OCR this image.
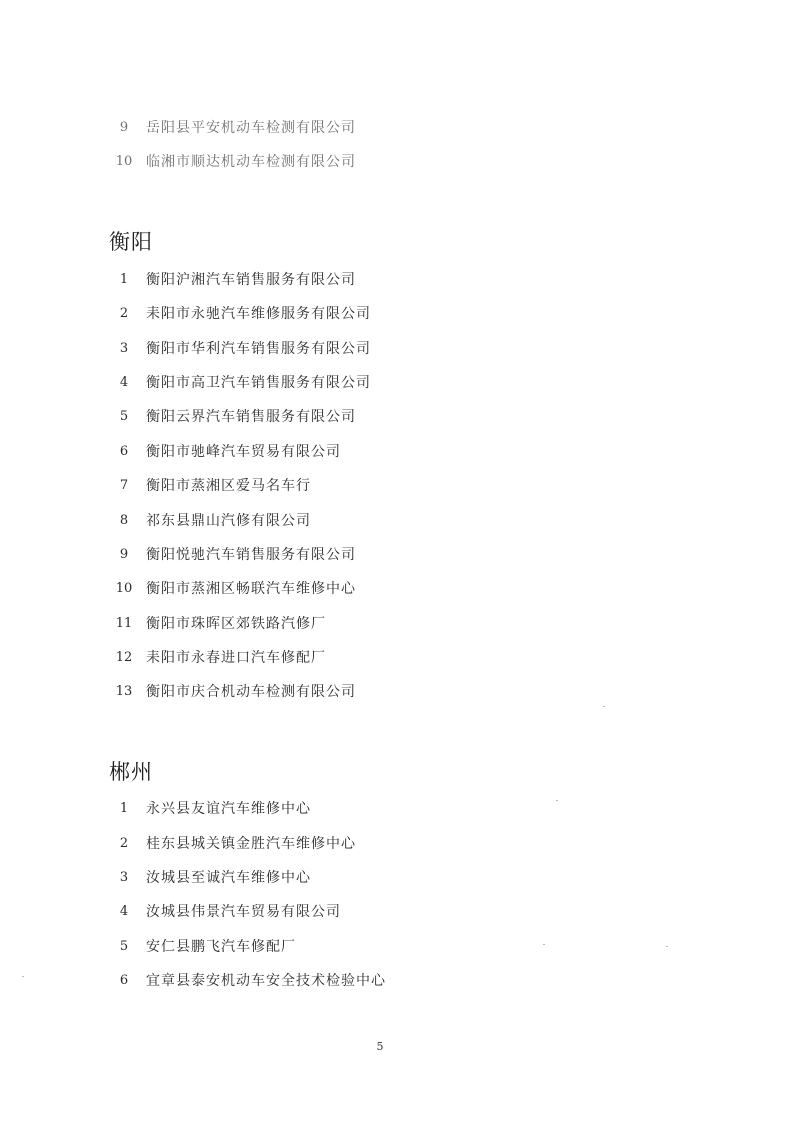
9	岳阳县平安机动车检测有限公司
10 临湘市顺达机动车检测有限公司
衡阳
1	衡阳沪湘汽车销售服务有限公司
2	耒阳市永驰汽车维修服务有限公司
3	衡阳市华利汽车销售服务有限公司
4	衡阳市高卫汽车销售服务有限公司
5	衡阳云界汽车销售服务有限公司
6	衡阳市驰峰汽车贸易有限公司
7	衡阳市蒸湘区爱马名车行
8	祁东县鼎山汽修有限公司
9	衡阳悦驰汽车销售服务有限公司
10 衡阳市蒸湘区畅联汽车维修中心
11 衡阳市珠晖区郊铁路汽修厂
12 耒阳市永春进口汽车修配厂
13 衡阳市庆合机动车检测有限公司
郴州
1	永兴县友谊汽车维修中心
2	桂东县城关镇金胜汽车维修中心
3	汝城县至诚汽车维修中心
4	汝城县伟景汽车贸易有限公司
5	安仁县鹏飞汽车修配厂
6	宜章县泰安机动车安全技术检验中心
5
